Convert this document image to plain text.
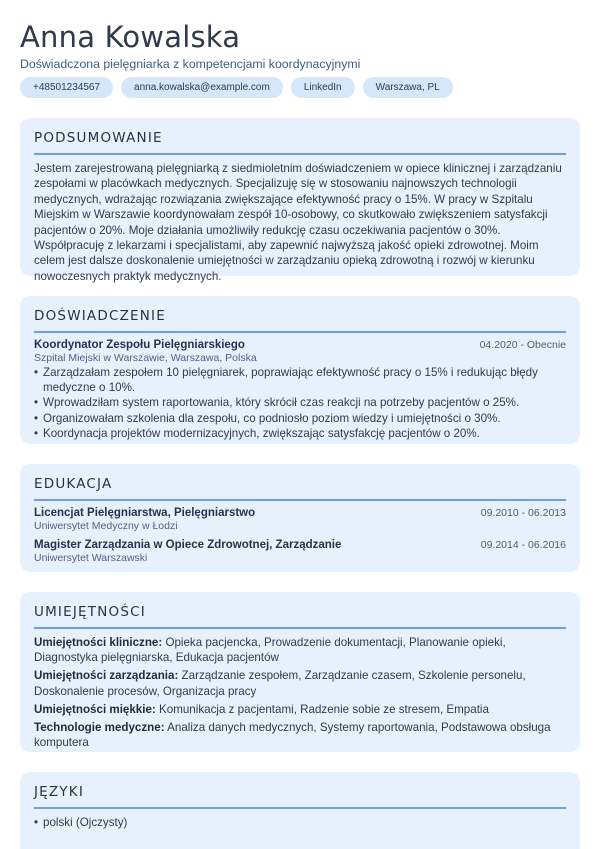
Anna Kowalska
Doświadczona pielęgniarka z kompetencjami koordynacyjnymi
+48501234567	anna.kowalska@example.com	LinkedIn	Warszawa, PL
PODSUMOWANIE
Jestem zarejestrowaną pielęgniarką z siedmioletnim doświadczeniem w opiece klinicznej i zarządzaniu zespołami w placówkach medycznych. Specjalizuję się w stosowaniu najnowszych technologii medycznych, wdrażając rozwiązania zwiększające efektywność pracy o 15%. W pracy w Szpitalu Miejskim w Warszawie koordynowałam zespół 10-osobowy, co skutkowało zwiększeniem satysfakcji pacjentów o 20%. Moje działania umożliwiły redukcję czasu oczekiwania pacjentów o 30%. Współpracuję z lekarzami i specjalistami, aby zapewnić najwyższą jakość opieki zdrowotnej. Moim celem jest dalsze doskonalenie umiejętności w zarządzaniu opieką zdrowotną i rozwój w kierunku nowoczesnych praktyk medycznych.
DOŚWIADCZENIE
Koordynator Zespołu Pielęgniarskiego	04.2020 - Obecnie
Szpital Miejski w Warszawie, Warszawa, Polska
• Zarządzałam zespołem 10 pielęgniarek, poprawiając efektywność pracy o 15% i redukując błędy medyczne o 10%.
• Wprowadziłam system raportowania, który skrócił czas reakcji na potrzeby pacjentów o 25%.
• Organizowałam szkolenia dla zespołu, co podniosło poziom wiedzy i umiejętności o 30%.
• Koordynacja projektów modernizacyjnych, zwiększając satysfakcję pacjentów o 20%.
EDUKACJA
Licencjat Pielęgniarstwa, Pielęgniarstwo	09.2010 - 06.2013
Uniwersytet Medyczny w Łodzi
Magister Zarządzania w Opiece Zdrowotnej, Zarządzanie	09.2014 - 06.2016
Uniwersytet Warszawski
UMIEJĘTNOŚCI
Umiejętności kliniczne: Opieka pacjencka, Prowadzenie dokumentacji, Planowanie opieki, Diagnostyka pielęgniarska, Edukacja pacjentów
Umiejętności zarządzania: Zarządzanie zespołem, Zarządzanie czasem, Szkolenie personelu, Doskonalenie procesów, Organizacja pracy
Umiejętności miękkie: Komunikacja z pacjentami, Radzenie sobie ze stresem, Empatia
Technologie medyczne: Analiza danych medycznych, Systemy raportowania, Podstawowa obsługa komputera
JĘZYKI
• polski (Ojczysty)
